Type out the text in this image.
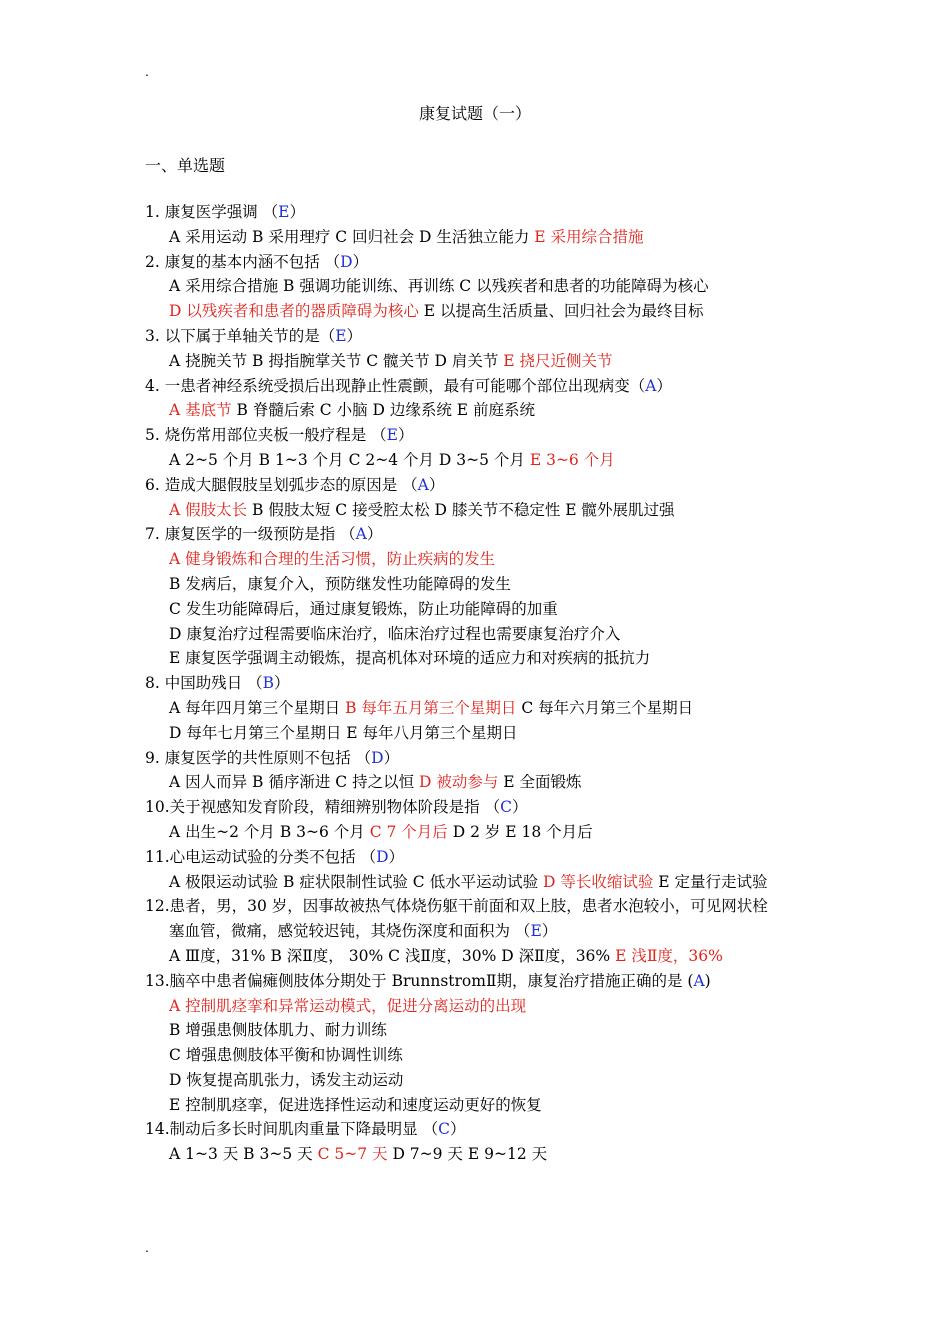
.
康复试题（一）
一、单选题
1. 康复医学强调 （E）
A 采用运动 B 采用理疗 C 回归社会 D 生活独立能力 E 采用综合措施
2. 康复的基本内涵不包括 （D）
A 采用综合措施 B 强调功能训练、再训练 C 以残疾者和患者的功能障碍为核心
D 以残疾者和患者的器质障碍为核心 E 以提高生活质量、回归社会为最终目标
3. 以下属于单轴关节的是（E）
A 挠腕关节 B 拇指腕掌关节 C 髋关节 D 肩关节 E 挠尺近侧关节
4. 一患者神经系统受损后出现静止性震颤，最有可能哪个部位出现病变（A）
A 基底节 B 脊髓后索 C 小脑 D 边缘系统 E 前庭系统
5. 烧伤常用部位夹板一般疗程是 （E）
A 2~5 个月 B 1~3 个月 C 2~4 个月 D 3~5 个月 E 3~6 个月
6. 造成大腿假肢呈划弧步态的原因是 （A）
A 假肢太长 B 假肢太短 C 接受腔太松 D 膝关节不稳定性 E 髋外展肌过强
7. 康复医学的一级预防是指 （A）
A 健身锻炼和合理的生活习惯，防止疾病的发生
B 发病后，康复介入，预防继发性功能障碍的发生
C 发生功能障碍后，通过康复锻炼，防止功能障碍的加重
D 康复治疗过程需要临床治疗，临床治疗过程也需要康复治疗介入
E 康复医学强调主动锻炼，提高机体对环境的适应力和对疾病的抵抗力
8. 中国助残日 （B）
A 每年四月第三个星期日 B 每年五月第三个星期日 C 每年六月第三个星期日
D 每年七月第三个星期日 E 每年八月第三个星期日
9. 康复医学的共性原则不包括 （D）
A 因人而异 B 循序渐进 C 持之以恒 D 被动参与 E 全面锻炼
10.关于视感知发育阶段，精细辨别物体阶段是指 （C）
A 出生~2 个月 B 3~6 个月 C 7 个月后 D 2 岁 E 18 个月后
11.心电运动试验的分类不包括 （D）
A 极限运动试验 B 症状限制性试验 C 低水平运动试验 D 等长收缩试验 E 定量行走试验
12.患者，男，30 岁，因事故被热气体烧伤躯干前面和双上肢，患者水泡较小，可见网状栓
塞血管，微痛，感觉较迟钝，其烧伤深度和面积为 （E）
A Ⅲ度，31% B 深Ⅱ度， 30% C 浅Ⅱ度，30% D 深Ⅱ度，36% E 浅Ⅱ度，36%
13.脑卒中患者偏瘫侧肢体分期处于 BrunnstromⅡ期，康复治疗措施正确的是 (A)
A 控制肌痉挛和异常运动模式，促进分离运动的出现
B 增强患侧肢体肌力、耐力训练
C 增强患侧肢体平衡和协调性训练
D 恢复提高肌张力，诱发主动运动
E 控制肌痉挛，促进选择性运动和速度运动更好的恢复
14.制动后多长时间肌肉重量下降最明显 （C）
A 1~3 天 B 3~5 天 C 5~7 天 D 7~9 天 E 9~12 天
.
